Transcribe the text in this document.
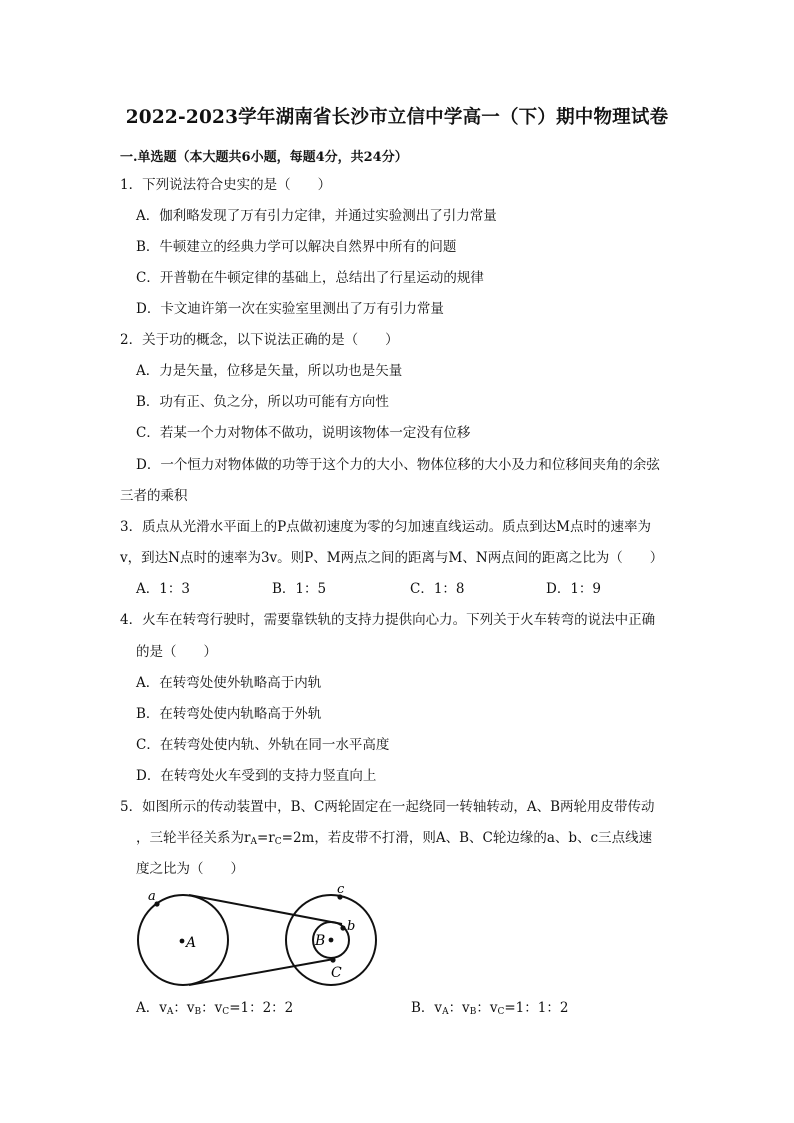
2022-2023学年湖南省长沙市立信中学高一（下）期中物理试卷
一.单选题（本大题共6小题，每题4分，共24分）
1．下列说法符合史实的是（　　）
A．伽利略发现了万有引力定律，并通过实验测出了引力常量
B．牛顿建立的经典力学可以解决自然界中所有的问题
C．开普勒在牛顿定律的基础上，总结出了行星运动的规律
D．卡文迪许第一次在实验室里测出了万有引力常量
2．关于功的概念，以下说法正确的是（　　）
A．力是矢量，位移是矢量，所以功也是矢量
B．功有正、负之分，所以功可能有方向性
C．若某一个力对物体不做功，说明该物体一定没有位移
D．一个恒力对物体做的功等于这个力的大小、物体位移的大小及力和位移间夹角的余弦
三者的乘积
3．质点从光滑水平面上的P点做初速度为零的匀加速直线运动。质点到达M点时的速率为
v，到达N点时的速率为3v。则P、M两点之间的距离与M、N两点间的距离之比为（　　）
A．1：3	B．1：5	C．1：8	D．1：9
4．火车在转弯行驶时，需要靠铁轨的支持力提供向心力。下列关于火车转弯的说法中正确
的是（　　）
A．在转弯处使外轨略高于内轨
B．在转弯处使内轨略高于外轨
C．在转弯处使内轨、外轨在同一水平高度
D．在转弯处火车受到的支持力竖直向上
5．如图所示的传动装置中，B、C两轮固定在一起绕同一转轴转动，A、B两轮用皮带传动
，三轮半径关系为$r_A=r_C=2m$，若皮带不打滑，则A、B、C轮边缘的a、b、c三点线速
度之比为（　　）
a
A	B
b
c
C
A．$v_A$：$v_B$：$v_C=1$：2：2	B．$v_A$：$v_B$：$v_C=1$：1：2
